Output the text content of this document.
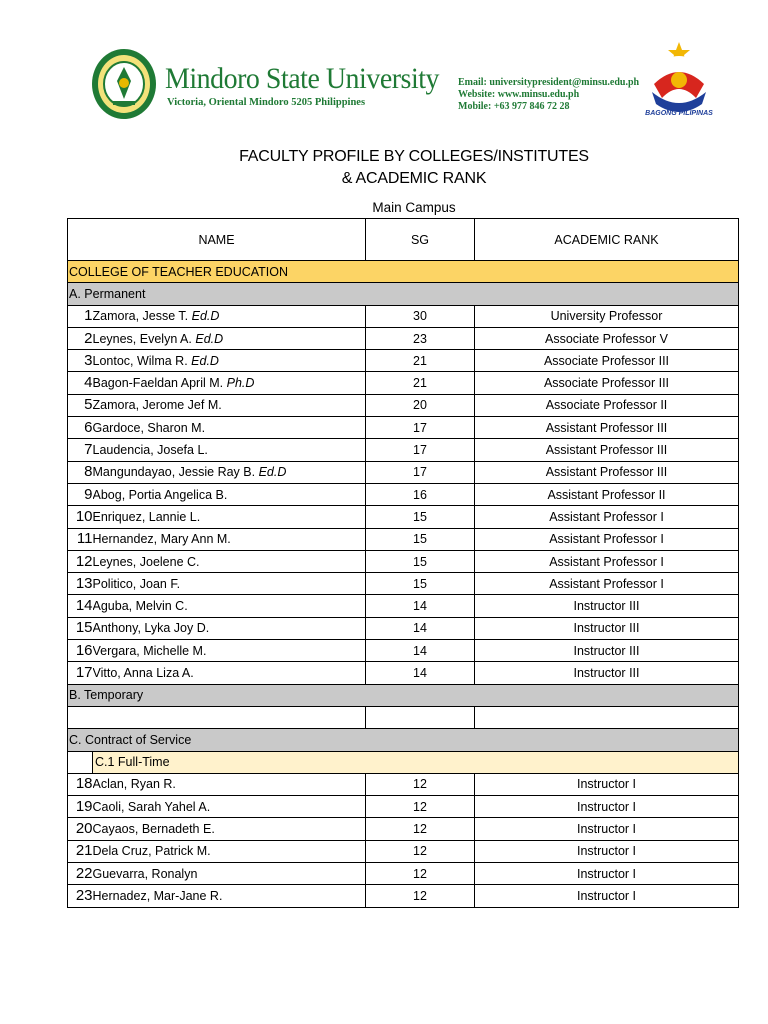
Mindoro State University
Victoria, Oriental Mindoro 5205 Philippines
Email: universitypresident@minsu.edu.ph
Website: www.minsu.edu.ph
Mobile: +63 977 846 72 28
BAGONG PILIPINAS
FACULTY PROFILE BY COLLEGES/INSTITUTES
& ACADEMIC RANK
Main Campus
NAME		SG	ACADEMIC RANK
COLLEGE OF TEACHER EDUCATION			
A. Permanent			
1	Zamora, Jesse T. Ed.D	30	University Professor
2	Leynes, Evelyn A. Ed.D	23	Associate Professor V
3	Lontoc, Wilma R. Ed.D	21	Associate Professor III
4	Bagon-Faeldan April M. Ph.D	21	Associate Professor III
5	Zamora, Jerome Jef M.	20	Associate Professor II
6	Gardoce, Sharon M.	17	Assistant Professor III
7	Laudencia, Josefa L.	17	Assistant Professor III
8	Mangundayao, Jessie Ray B. Ed.D	17	Assistant Professor III
9	Abog, Portia Angelica B.	16	Assistant Professor II
10	Enriquez, Lannie L.	15	Assistant Professor I
11	Hernandez, Mary Ann M.	15	Assistant Professor I
12	Leynes, Joelene C.	15	Assistant Professor I
13	Politico, Joan F.	15	Assistant Professor I
14	Aguba, Melvin C.	14	Instructor III
15	Anthony, Lyka Joy D.	14	Instructor III
16	Vergara, Michelle M.	14	Instructor III
17	Vitto, Anna Liza A.	14	Instructor III
B. Temporary			

C. Contract of Service			
	C.1 Full-Time		
18	Aclan, Ryan R.	12	Instructor I
19	Caoli, Sarah Yahel A.	12	Instructor I
20	Cayaos, Bernadeth E.	12	Instructor I
21	Dela Cruz, Patrick M.	12	Instructor I
22	Guevarra, Ronalyn	12	Instructor I
23	Hernadez, Mar-Jane R.	12	Instructor I
